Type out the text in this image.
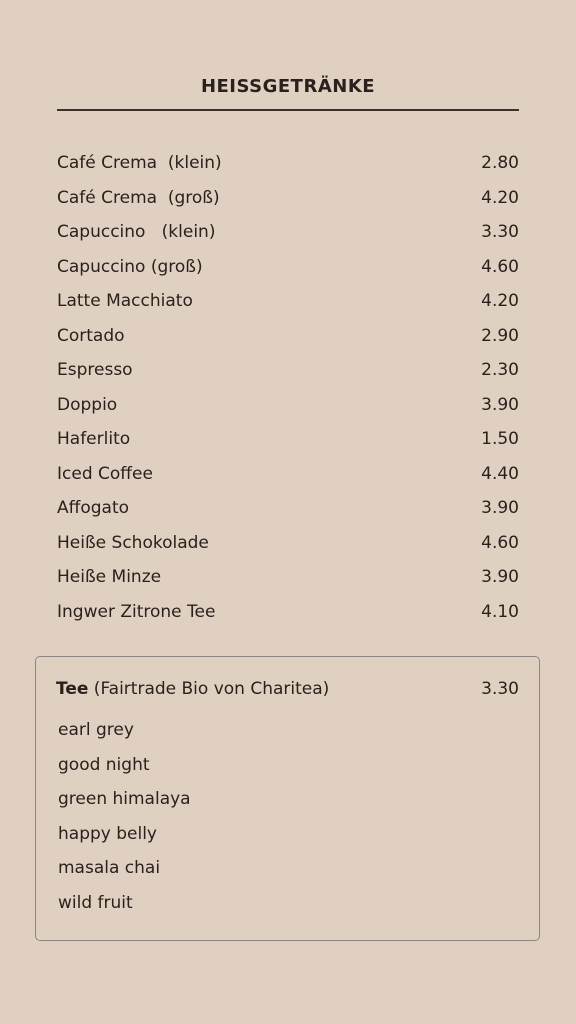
HEISSGETRÄNKE
Café Crema  (klein)	2.80
Café Crema  (groß)	4.20
Capuccino   (klein)	3.30
Capuccino (groß)	4.60
Latte Macchiato	4.20
Cortado	2.90
Espresso	2.30
Doppio	3.90
Haferlito	1.50
Iced Coffee	4.40
Affogato	3.90
Heiße Schokolade	4.60
Heiße Minze	3.90
Ingwer Zitrone Tee	4.10
Tee (Fairtrade Bio von Charitea)	3.30
earl grey
good night
green himalaya
happy belly
masala chai
wild fruit
